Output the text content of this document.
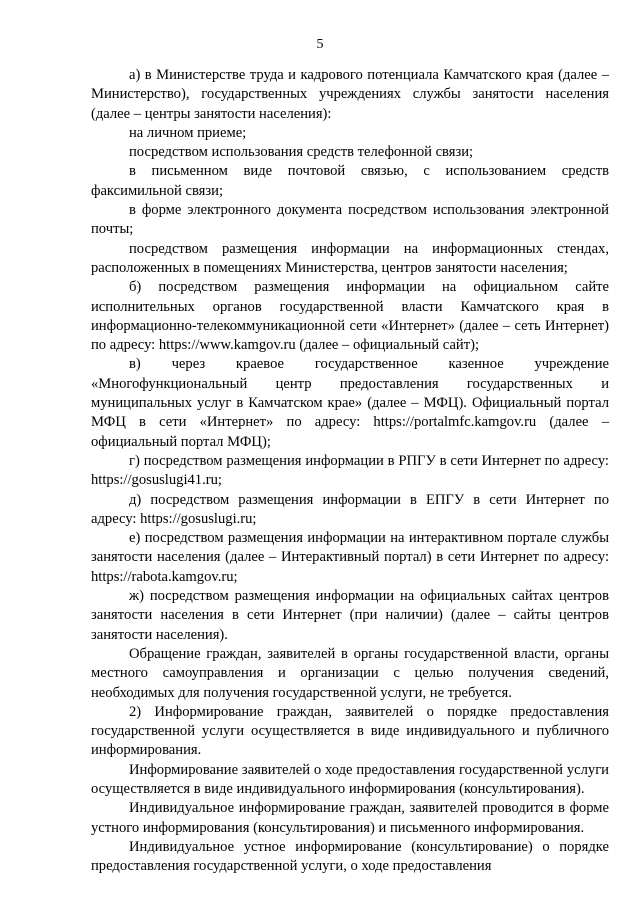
5

а) в Министерстве труда и кадрового потенциала Камчатского края (далее – Министерство), государственных учреждениях службы занятости населения (далее – центры занятости населения):

на личном приеме;

посредством использования средств телефонной связи;

в письменном виде почтовой связью, с использованием средств факсимильной связи;

в форме электронного документа посредством использования электронной почты;

посредством размещения информации на информационных стендах, расположенных в помещениях Министерства, центров занятости населения;

б) посредством размещения информации на официальном сайте исполнительных органов государственной власти Камчатского края в информационно-телекоммуникационной сети «Интернет» (далее – сеть Интернет) по адресу: https://www.kamgov.ru (далее – официальный сайт);

в) через краевое государственное казенное учреждение «Многофункциональный центр предоставления государственных и муниципальных услуг в Камчатском крае» (далее – МФЦ). Официальный портал МФЦ в сети «Интернет» по адресу: https://portalmfc.kamgov.ru (далее – официальный портал МФЦ);

г) посредством размещения информации в РПГУ в сети Интернет по адресу: https://gosuslugi41.ru;

д) посредством размещения информации в ЕПГУ в сети Интернет по адресу: https://gosuslugi.ru;

е) посредством размещения информации на интерактивном портале службы занятости населения (далее – Интерактивный портал) в сети Интернет по адресу: https://rabota.kamgov.ru;

ж) посредством размещения информации на официальных сайтах центров занятости населения в сети Интернет (при наличии) (далее – сайты центров занятости населения).

Обращение граждан, заявителей в органы государственной власти, органы местного самоуправления и организации с целью получения сведений, необходимых для получения государственной услуги, не требуется.

2) Информирование граждан, заявителей о порядке предоставления государственной услуги осуществляется в виде индивидуального и публичного информирования.

Информирование заявителей о ходе предоставления государственной услуги осуществляется в виде индивидуального информирования (консультирования).

Индивидуальное информирование граждан, заявителей проводится в форме устного информирования (консультирования) и письменного информирования.

Индивидуальное устное информирование (консультирование) о порядке предоставления государственной услуги, о ходе предоставления
